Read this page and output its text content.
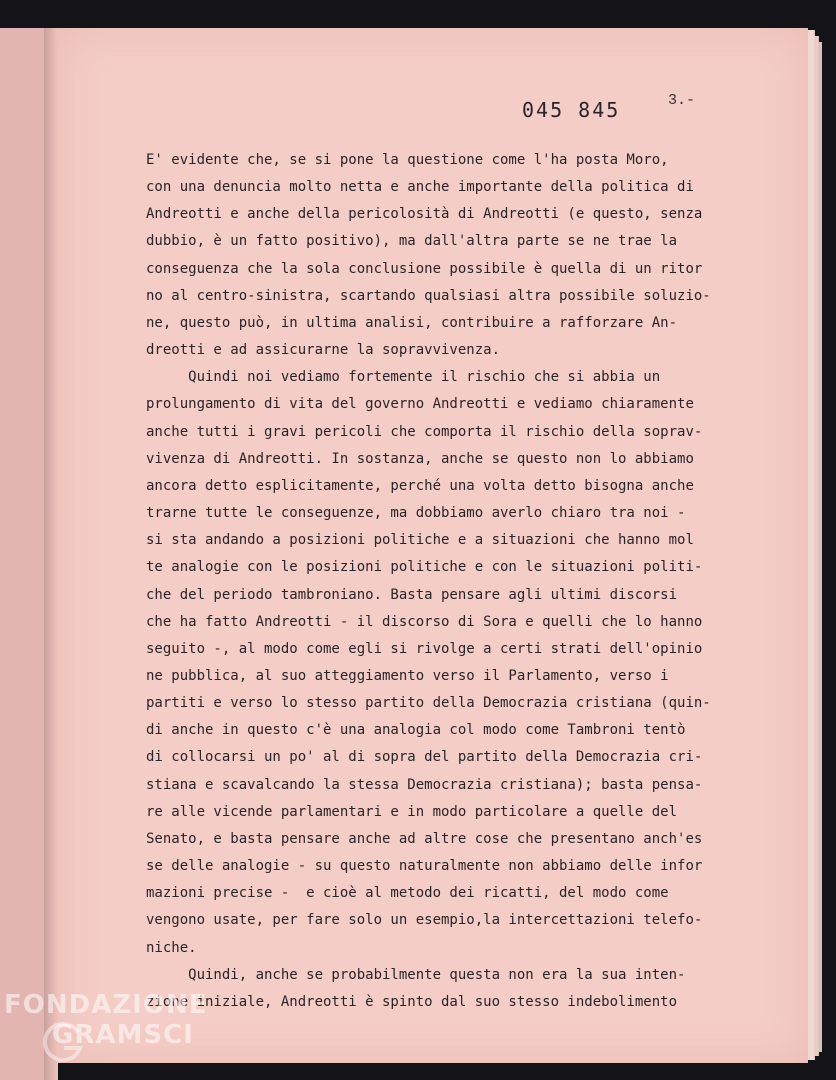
045 845	3.-
E' evidente che, se si pone la questione come l'ha posta Moro,
con una denuncia molto netta e anche importante della politica di
Andreotti e anche della pericolosità di Andreotti (e questo, senza
dubbio, è un fatto positivo), ma dall'altra parte se ne trae la
conseguenza che la sola conclusione possibile è quella di un ritor
no al centro-sinistra, scartando qualsiasi altra possibile soluzio-
ne, questo può, in ultima analisi, contribuire a rafforzare An-
dreotti e ad assicurarne la sopravvivenza.
Quindi noi vediamo fortemente il rischio che si abbia un
prolungamento di vita del governo Andreotti e vediamo chiaramente
anche tutti i gravi pericoli che comporta il rischio della soprav-
vivenza di Andreotti. In sostanza, anche se questo non lo abbiamo
ancora detto esplicitamente, perché una volta detto bisogna anche
trarne tutte le conseguenze, ma dobbiamo averlo chiaro tra noi -
si sta andando a posizioni politiche e a situazioni che hanno mol
te analogie con le posizioni politiche e con le situazioni politi-
che del periodo tambroniano. Basta pensare agli ultimi discorsi
che ha fatto Andreotti - il discorso di Sora e quelli che lo hanno
seguito -, al modo come egli si rivolge a certi strati dell'opinio
ne pubblica, al suo atteggiamento verso il Parlamento, verso i
partiti e verso lo stesso partito della Democrazia cristiana (quin-
di anche in questo c'è una analogia col modo come Tambroni tentò
di collocarsi un po' al di sopra del partito della Democrazia cri-
stiana e scavalcando la stessa Democrazia cristiana); basta pensa-
re alle vicende parlamentari e in modo particolare a quelle del
Senato, e basta pensare anche ad altre cose che presentano anch'es
se delle analogie - su questo naturalmente non abbiamo delle infor
mazioni precise -  e cioè al metodo dei ricatti, del modo come
vengono usate, per fare solo un esempio,la intercettazioni telefo-
niche.
Quindi, anche se probabilmente questa non era la sua inten-
zione iniziale, Andreotti è spinto dal suo stesso indebolimento

FONDAZIONE

GRAMSCI
